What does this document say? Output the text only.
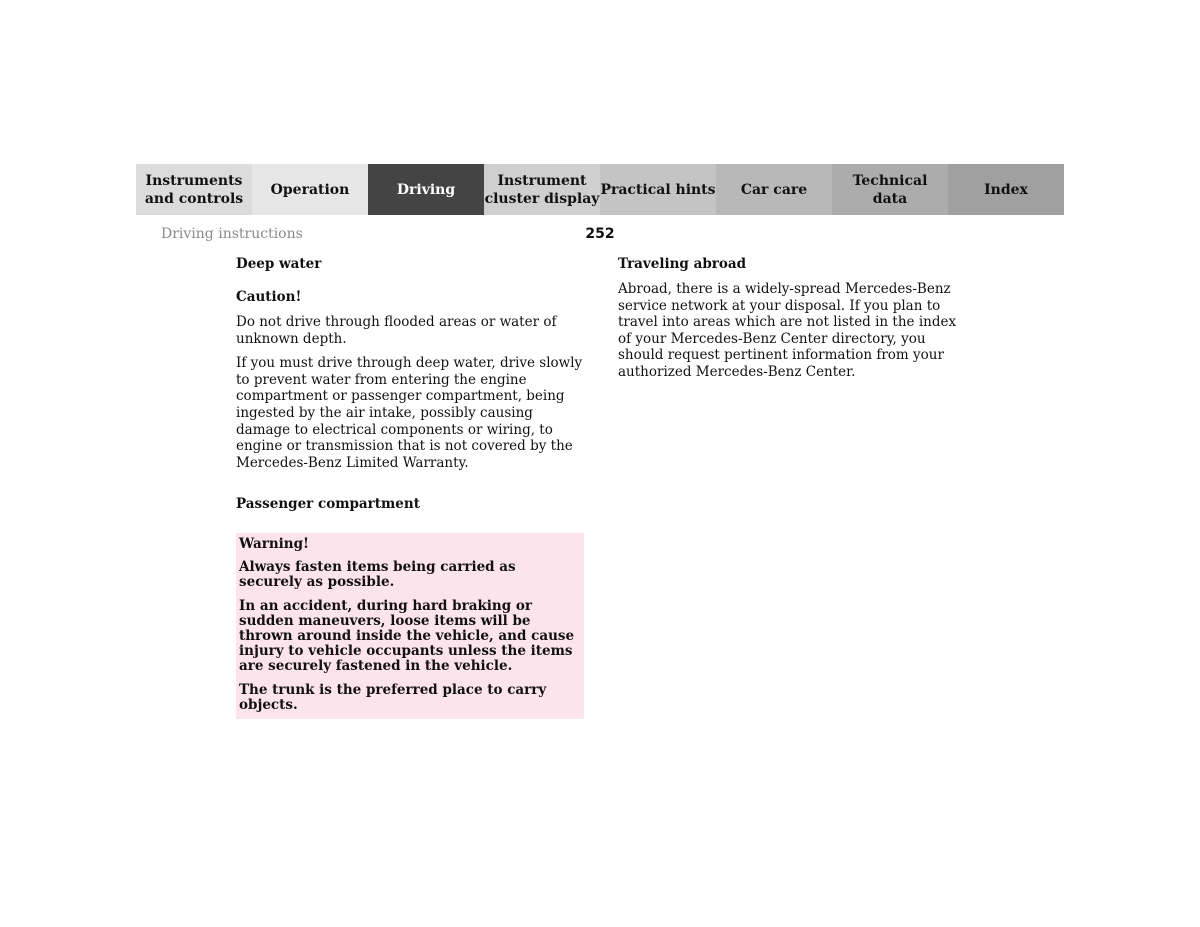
Instruments
and controls
Operation	Driving
Instrument
cluster display
Practical hints	Car care
Technical
data
Index
Driving instructions	252

Deep water

Caution!

Do not drive through flooded areas or water of unknown depth.

If you must drive through deep water, drive slowly to prevent water from entering the engine compartment or passenger compartment, being ingested by the air intake, possibly causing damage to electrical components or wiring, to engine or transmission that is not covered by the Mercedes-Benz Limited Warranty.

Passenger compartment

Warning!

Always fasten items being carried as securely as possible.

In an accident, during hard braking or sudden maneuvers, loose items will be thrown around inside the vehicle, and cause injury to vehicle occupants unless the items are securely fastened in the vehicle.

The trunk is the preferred place to carry objects.

Traveling abroad

Abroad, there is a widely-spread Mercedes-Benz service network at your disposal. If you plan to travel into areas which are not listed in the index of your Mercedes-Benz Center directory, you should request pertinent information from your authorized Mercedes-Benz Center.
